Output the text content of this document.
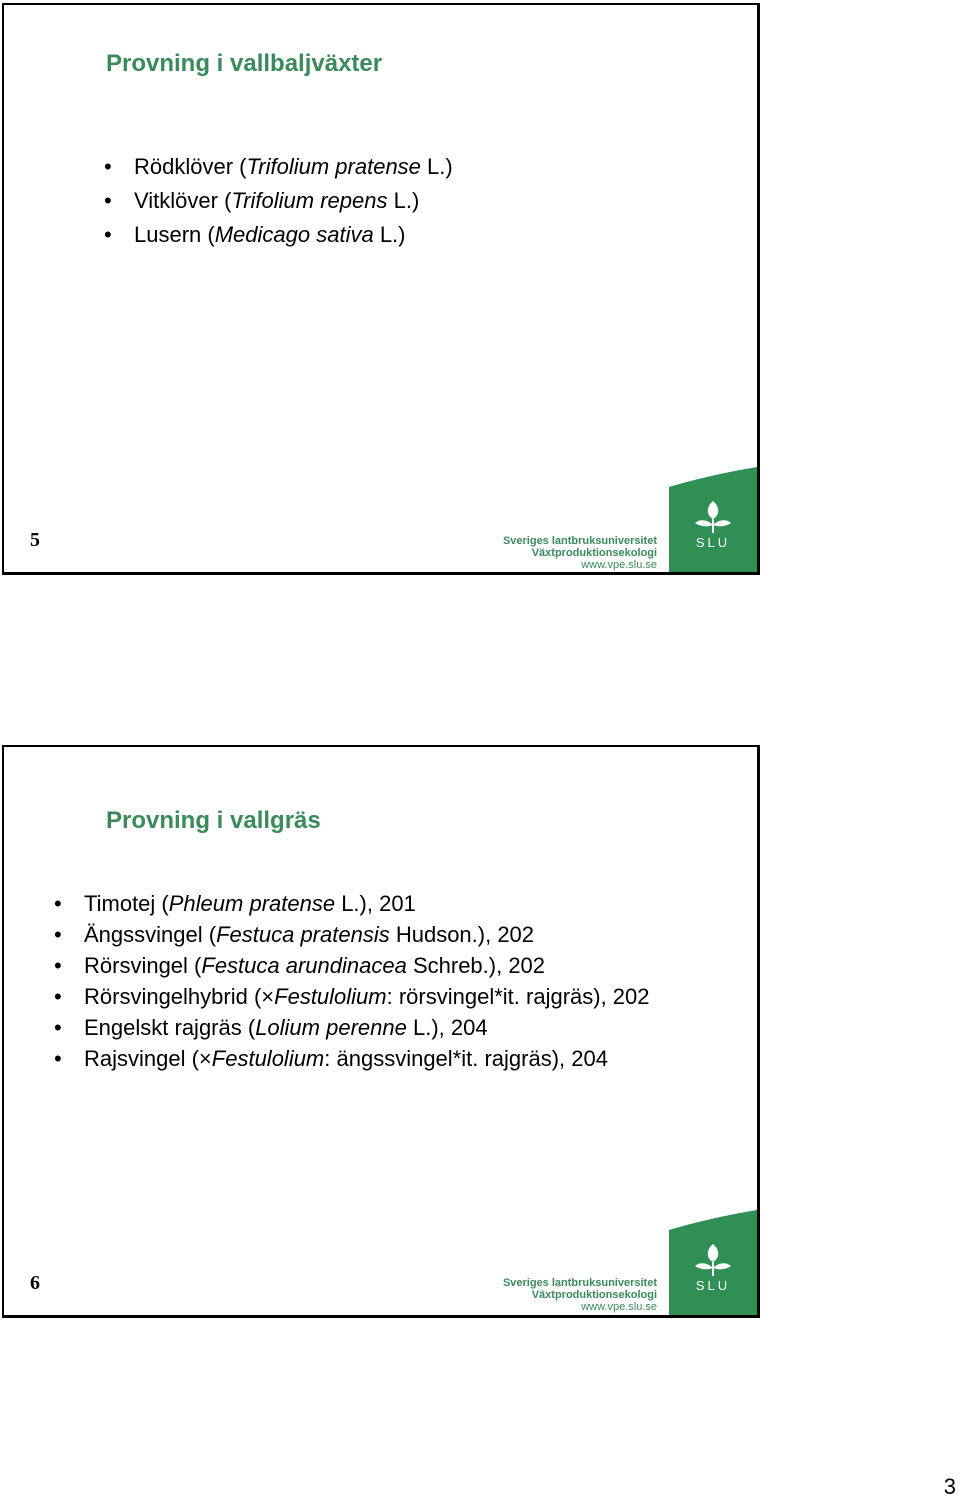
Provning i vallbaljväxter
• Rödklöver (Trifolium pratense L.)
• Vitklöver (Trifolium repens L.)
• Lusern (Medicago sativa L.)
5	Sveriges lantbruksuniversitet
Växtproduktionsekologi
www.vpe.slu.se
SLU
Provning i vallgräs
• Timotej (Phleum pratense L.), 201
• Ängssvingel (Festuca pratensis Hudson.), 202
• Rörsvingel (Festuca arundinacea Schreb.), 202
• Rörsvingelhybrid (×Festulolium: rörsvingel*it. rajgräs), 202
• Engelskt rajgräs (Lolium perenne L.), 204
• Rajsvingel (×Festulolium: ängssvingel*it. rajgräs), 204
6	Sveriges lantbruksuniversitet
Växtproduktionsekologi
www.vpe.slu.se
SLU
3
